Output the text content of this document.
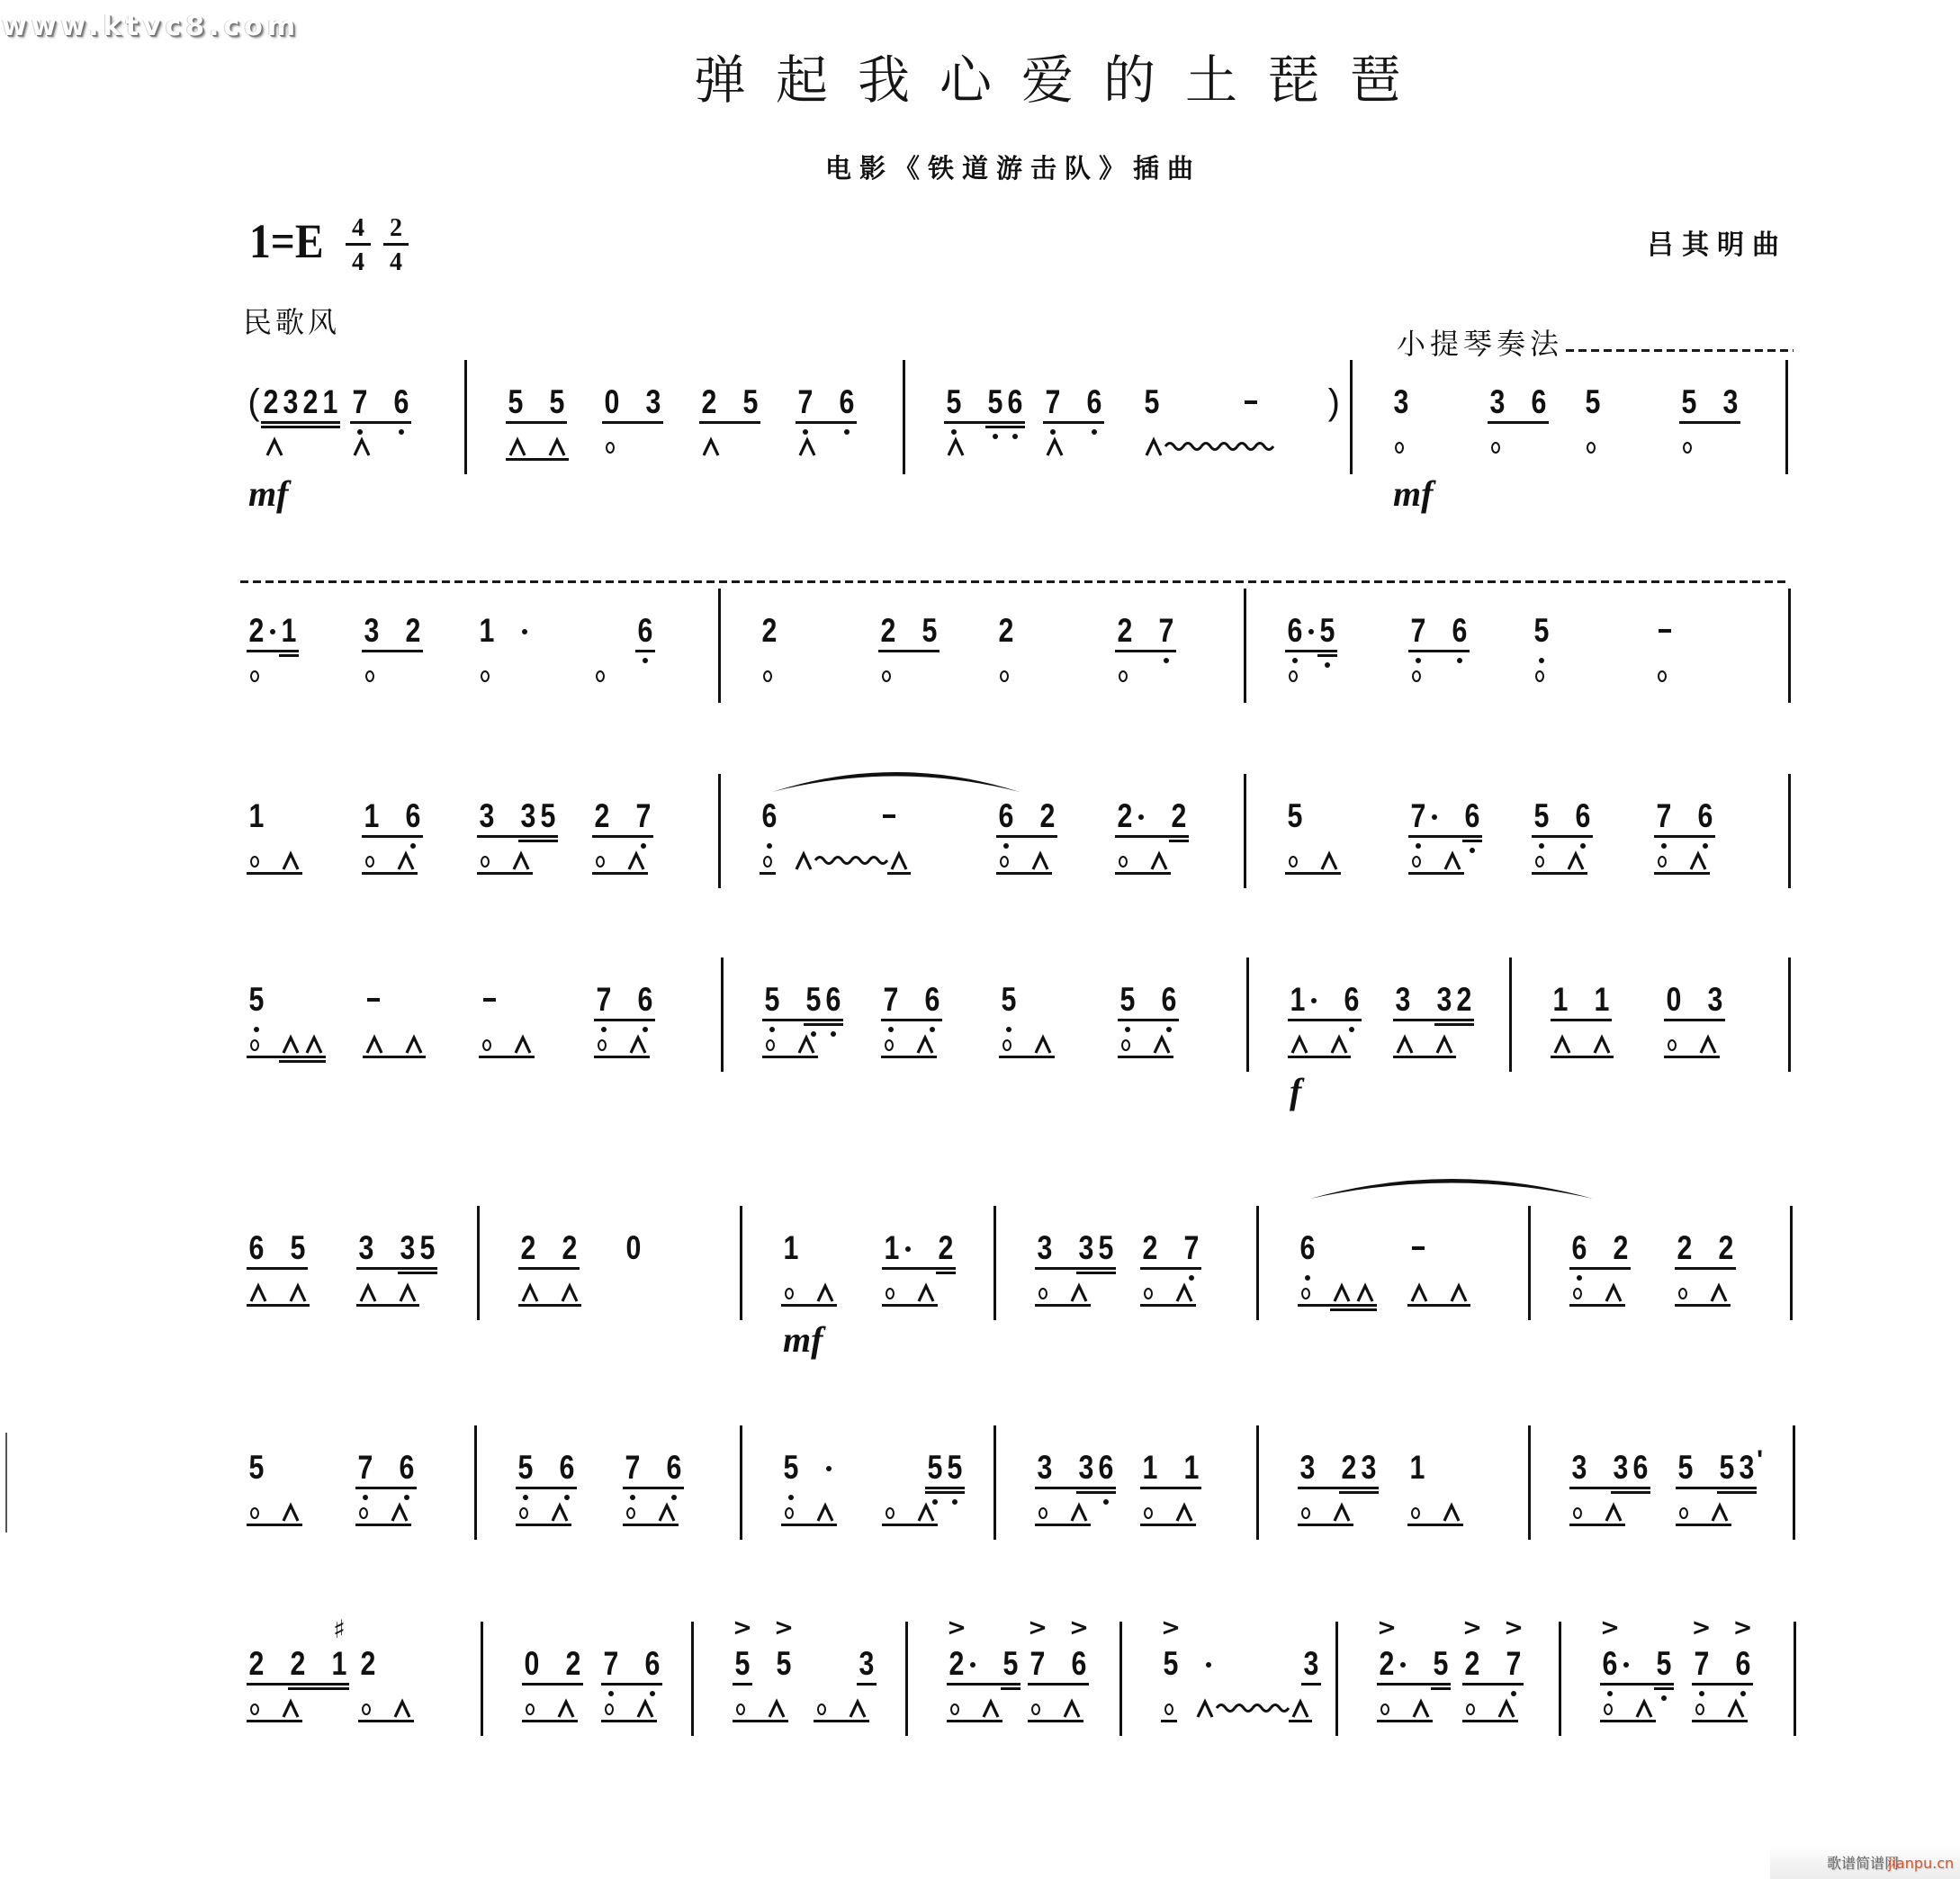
www.ktvc8.com
弹起我心爱的土琵琶
电影《铁道游击队》插曲
1=E	4
4
2
4
吕其明曲
民歌风
小提琴奏法
歌谱简谱网
jianpu.cn
( 2 3 2 1
mf
7 6	5 5 0 3 2 5 7 6	5 5 6 7 6 5	) 3
mf
3 6 5 5 3
2 1 3 2 1	6	2	2 5 2	2 7	6 5 7 6 5
1	1 6 3 3 5 2 7	6	6 2 2 2	5	7 6 5 6 7 6
5	7 6	5 5 6 7 6 5	5 6	1 6
f
3 3 2 1 1 0 3
6 5 3 3 5	2 2 0	1
mf
1 2	3 3 5 2 7	6	6 2 2 2
5	7 6	5 6 7 6	5	5 5 3 3 6 1 1	3 2 3 1	3 3 6 5 5 3 '
2 2 1
♯
2	0 2 7 6 5
>
5
>
3 2
>
5 7
>
6
>
5
>
3 2
>
5 2
>
7
>
6
>
5 7
>
6
>
